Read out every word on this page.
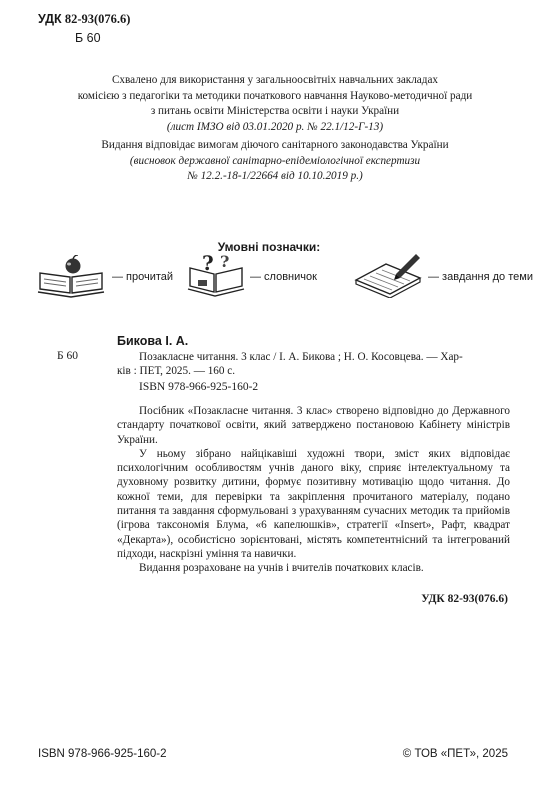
УДК 82-93(076.6)
Б 60
Схвалено для використання у загальноосвітніх навчальних закладах
комісією з педагогіки та методики початкового навчання Науково-методичної ради
з питань освіти Міністерства освіти і науки України
(лист ІМЗО від 03.01.2020 р. № 22.1/12-Г-13)
Видання відповідає вимогам діючого санітарного законодавства України
(висновок державної санітарно-епідеміологічної експертизи
№ 12.2.-18-1/22664 від 10.10.2019 р.)
Умовні позначки:
— прочитай
? ?
— словничок	— завдання до теми
Бикова І. А.
Б 60	Позакласне читання. 3 клас / І. А. Бикова ; Н. О. Косовцева. — Хар-
ків : ПЕТ, 2025. — 160 с.
ISBN 978-966-925-160-2
Посібник «Позакласне читання. 3 клас» створено відповідно до Державного стандарту початкової освіти, який затверджено постановою Кабінету міністрів України.
У ньому зібрано найцікавіші художні твори, зміст яких відповідає психологічним особливостям учнів даного віку, сприяє інтелектуальному та духовному розвитку дитини, формує позитивну мотивацію щодо читання. До кожної теми, для перевірки та закріплення прочитаного матеріалу, подано питання та завдання сформульовані з урахуванням сучасних методик та прийомів (ігрова таксономія Блума, «6 капелюшків», стратегії «Insert», Рафт, квадрат «Декарта»), особистісно зорієнтовані, містять компетентнісний та інтегрований підходи, наскрізні уміння та навички.
Видання розраховане на учнів і вчителів початкових класів.
УДК 82-93(076.6)
ISBN 978-966-925-160-2	© ТОВ «ПЕТ», 2025
